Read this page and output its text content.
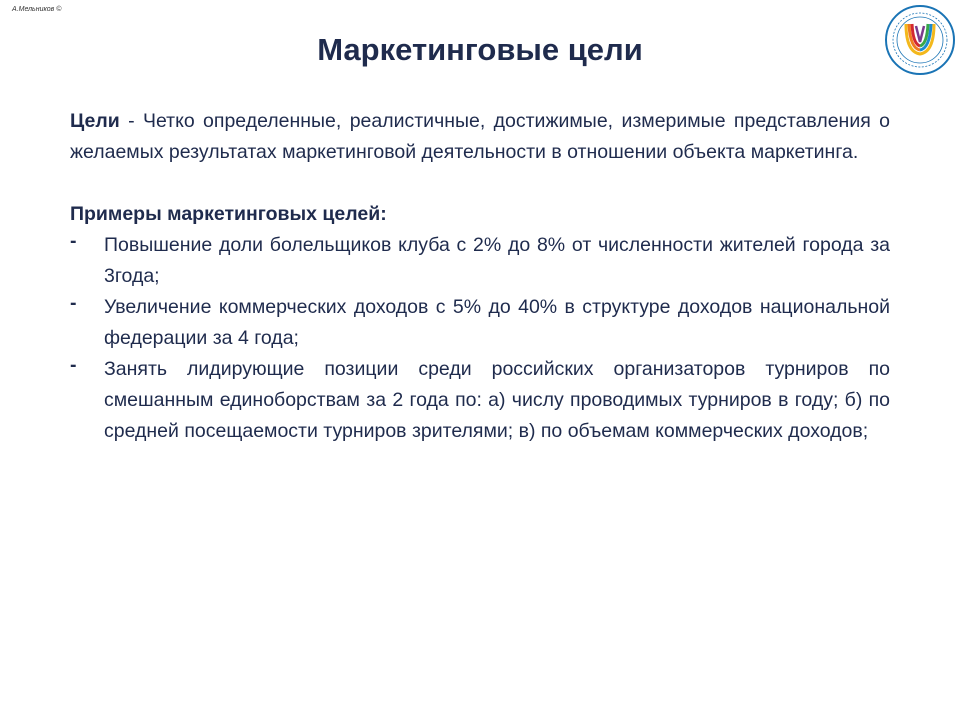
A.Мельников ©
Маркетинговые цели

Цели - Четко определенные, реалистичные, достижимые, измеримые представления о желаемых результатах маркетинговой деятельности в отношении объекта маркетинга.

Примеры маркетинговых целей:
- Повышение доли болельщиков клуба с 2% до 8% от численности жителей города за 3года;
- Увеличение коммерческих доходов с 5% до 40% в структуре доходов национальной федерации за 4 года;
- Занять лидирующие позиции среди российских организаторов турниров по смешанным единоборствам за 2 года по: а) числу проводимых турниров в году; б) по средней посещаемости турниров зрителями; в) по объемам коммерческих доходов;
